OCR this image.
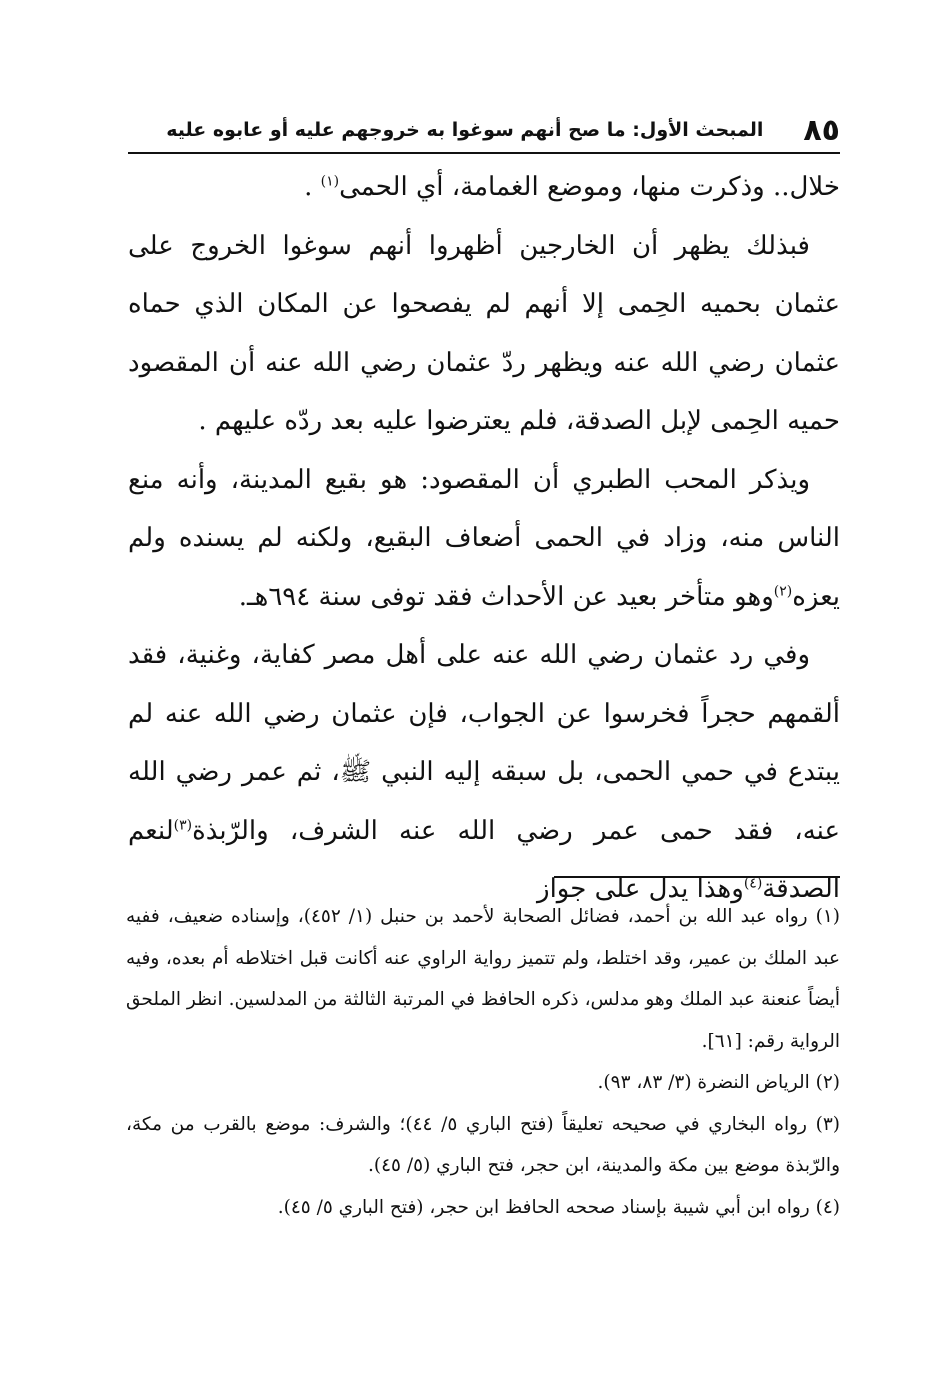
٨٥
المبحث الأول: ما صح أنهم سوغوا به خروجهم عليه أو عابوه عليه

خلال.. وذكرت منها، وموضع الغمامة، أي الحمى$^{(١)}$ .

فبذلك يظهر أن الخارجين أظهروا أنهم سوغوا الخروج على عثمان بحميه الحِمى إلا أنهم لم يفصحوا عن المكان الذي حماه عثمان رضي الله عنه ويظهر ردّ عثمان رضي الله عنه أن المقصود حميه الحِمى لإبل الصدقة، فلم يعترضوا عليه بعد ردّه عليهم .

ويذكر المحب الطبري أن المقصود: هو بقيع المدينة، وأنه منع الناس منه، وزاد في الحمى أضعاف البقيع، ولكنه لم يسنده ولم يعزه$^{(٢)}$وهو متأخر بعيد عن الأحداث فقد توفى سنة ٦٩٤هـ.

وفي رد عثمان رضي الله عنه على أهل مصر كفاية، وغنية، فقد ألقمهم حجراً فخرسوا عن الجواب، فإن عثمان رضي الله عنه لم يبتدع في حمي الحمى، بل سبقه إليه النبي ﷺ، ثم عمر رضي الله عنه، فقد حمى عمر رضي الله عنه الشرف، والرّبذة$^{(٣)}$لنعم الصدقة$^{(٤)}$وهذا يدل على جواز

(١) رواه عبد الله بن أحمد، فضائل الصحابة لأحمد بن حنبل (١/ ٤٥٢)، وإسناده ضعيف، ففيه عبد الملك بن عمير، وقد اختلط، ولم تتميز رواية الراوي عنه أكانت قبل اختلاطه أم بعده، وفيه أيضاً عنعنة عبد الملك وهو مدلس، ذكره الحافظ في المرتبة الثالثة من المدلسين. انظر الملحق الرواية رقم: [٦١].

(٢) الرياض النضرة (٣/ ٨٣، ٩٣).

(٣) رواه البخاري في صحيحه تعليقاً (فتح الباري ٥/ ٤٤)؛ والشرف: موضع بالقرب من مكة، والرّبذة موضع بين مكة والمدينة، ابن حجر، فتح الباري (٥/ ٤٥).

(٤) رواه ابن أبي شيبة بإسناد صححه الحافظ ابن حجر، (فتح الباري ٥/ ٤٥).
